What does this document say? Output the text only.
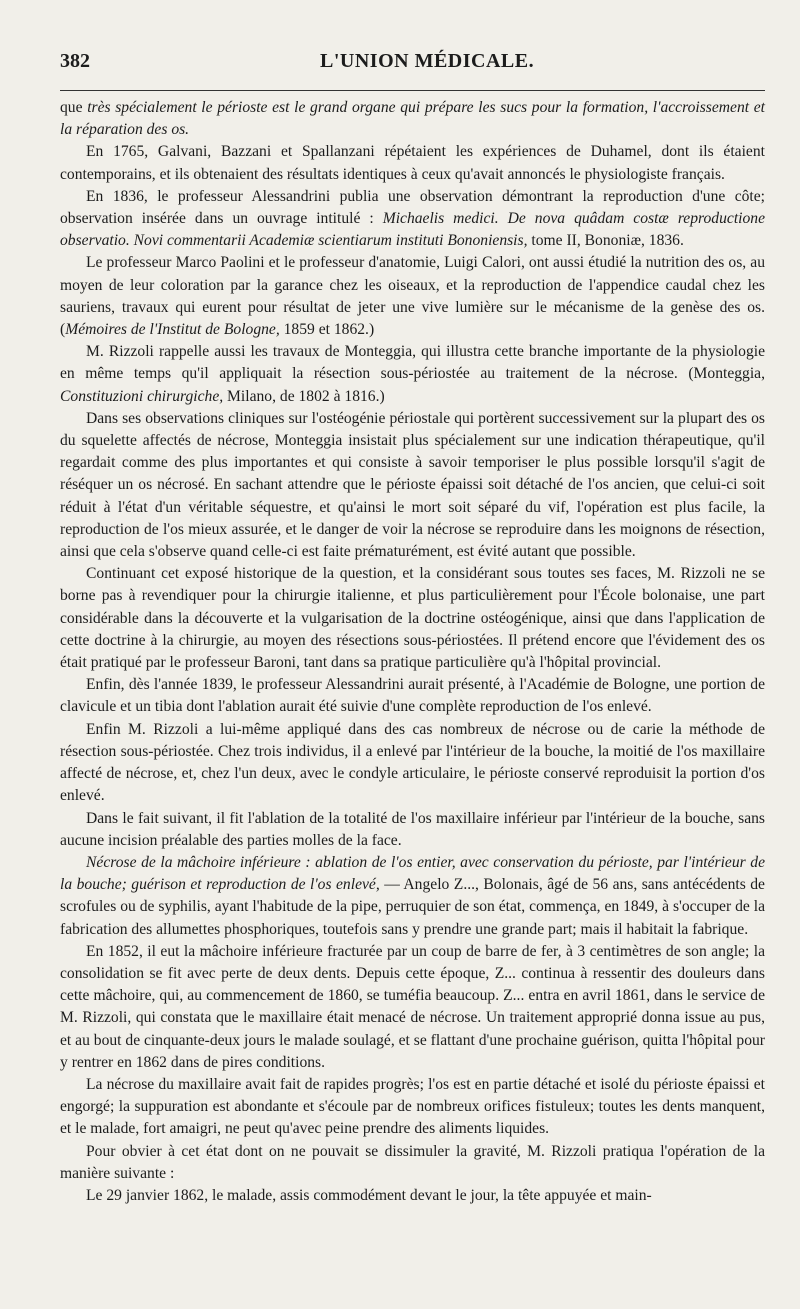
382	L'UNION MÉDICALE.

que très spécialement le périoste est le grand organe qui prépare les sucs pour la formation, l'accroissement et la réparation des os.

En 1765, Galvani, Bazzani et Spallanzani répétaient les expériences de Duhamel, dont ils étaient contemporains, et ils obtenaient des résultats identiques à ceux qu'avait annoncés le physiologiste français.

En 1836, le professeur Alessandrini publia une observation démontrant la reproduction d'une côte; observation insérée dans un ouvrage intitulé : Michaelis medici. De nova quâdam costæ reproductione observatio. Novi commentarii Academiæ scientiarum instituti Bononiensis, tome II, Bononiæ, 1836.

Le professeur Marco Paolini et le professeur d'anatomie, Luigi Calori, ont aussi étudié la nutrition des os, au moyen de leur coloration par la garance chez les oiseaux, et la reproduction de l'appendice caudal chez les sauriens, travaux qui eurent pour résultat de jeter une vive lumière sur le mécanisme de la genèse des os. (Mémoires de l'Institut de Bologne, 1859 et 1862.)

M. Rizzoli rappelle aussi les travaux de Monteggia, qui illustra cette branche importante de la physiologie en même temps qu'il appliquait la résection sous-périostée au traitement de la nécrose. (Monteggia, Constituzioni chirurgiche, Milano, de 1802 à 1816.)

Dans ses observations cliniques sur l'ostéogénie périostale qui portèrent successivement sur la plupart des os du squelette affectés de nécrose, Monteggia insistait plus spécialement sur une indication thérapeutique, qu'il regardait comme des plus importantes et qui consiste à savoir temporiser le plus possible lorsqu'il s'agit de réséquer un os nécrosé. En sachant attendre que le périoste épaissi soit détaché de l'os ancien, que celui-ci soit réduit à l'état d'un véritable séquestre, et qu'ainsi le mort soit séparé du vif, l'opération est plus facile, la reproduction de l'os mieux assurée, et le danger de voir la nécrose se reproduire dans les moignons de résection, ainsi que cela s'observe quand celle-ci est faite prématurément, est évité autant que possible.

Continuant cet exposé historique de la question, et la considérant sous toutes ses faces, M. Rizzoli ne se borne pas à revendiquer pour la chirurgie italienne, et plus particulièrement pour l'École bolonaise, une part considérable dans la découverte et la vulgarisation de la doctrine ostéogénique, ainsi que dans l'application de cette doctrine à la chirurgie, au moyen des résections sous-périostées. Il prétend encore que l'évidement des os était pratiqué par le professeur Baroni, tant dans sa pratique particulière qu'à l'hôpital provincial.

Enfin, dès l'année 1839, le professeur Alessandrini aurait présenté, à l'Académie de Bologne, une portion de clavicule et un tibia dont l'ablation aurait été suivie d'une complète reproduction de l'os enlevé.

Enfin M. Rizzoli a lui-même appliqué dans des cas nombreux de nécrose ou de carie la méthode de résection sous-périostée. Chez trois individus, il a enlevé par l'intérieur de la bouche, la moitié de l'os maxillaire affecté de nécrose, et, chez l'un deux, avec le condyle articulaire, le périoste conservé reproduisit la portion d'os enlevé.

Dans le fait suivant, il fit l'ablation de la totalité de l'os maxillaire inférieur par l'intérieur de la bouche, sans aucune incision préalable des parties molles de la face.

Nécrose de la mâchoire inférieure : ablation de l'os entier, avec conservation du périoste, par l'intérieur de la bouche; guérison et reproduction de l'os enlevé, — Angelo Z..., Bolonais, âgé de 56 ans, sans antécédents de scrofules ou de syphilis, ayant l'habitude de la pipe, perruquier de son état, commença, en 1849, à s'occuper de la fabrication des allumettes phosphoriques, toutefois sans y prendre une grande part; mais il habitait la fabrique.

En 1852, il eut la mâchoire inférieure fracturée par un coup de barre de fer, à 3 centimètres de son angle; la consolidation se fit avec perte de deux dents. Depuis cette époque, Z... continua à ressentir des douleurs dans cette mâchoire, qui, au commencement de 1860, se tuméfia beaucoup. Z... entra en avril 1861, dans le service de M. Rizzoli, qui constata que le maxillaire était menacé de nécrose. Un traitement approprié donna issue au pus, et au bout de cinquante-deux jours le malade soulagé, et se flattant d'une prochaine guérison, quitta l'hôpital pour y rentrer en 1862 dans de pires conditions.

La nécrose du maxillaire avait fait de rapides progrès; l'os est en partie détaché et isolé du périoste épaissi et engorgé; la suppuration est abondante et s'écoule par de nombreux orifices fistuleux; toutes les dents manquent, et le malade, fort amaigri, ne peut qu'avec peine prendre des aliments liquides.

Pour obvier à cet état dont on ne pouvait se dissimuler la gravité, M. Rizzoli pratiqua l'opération de la manière suivante :

Le 29 janvier 1862, le malade, assis commodément devant le jour, la tête appuyée et main-
